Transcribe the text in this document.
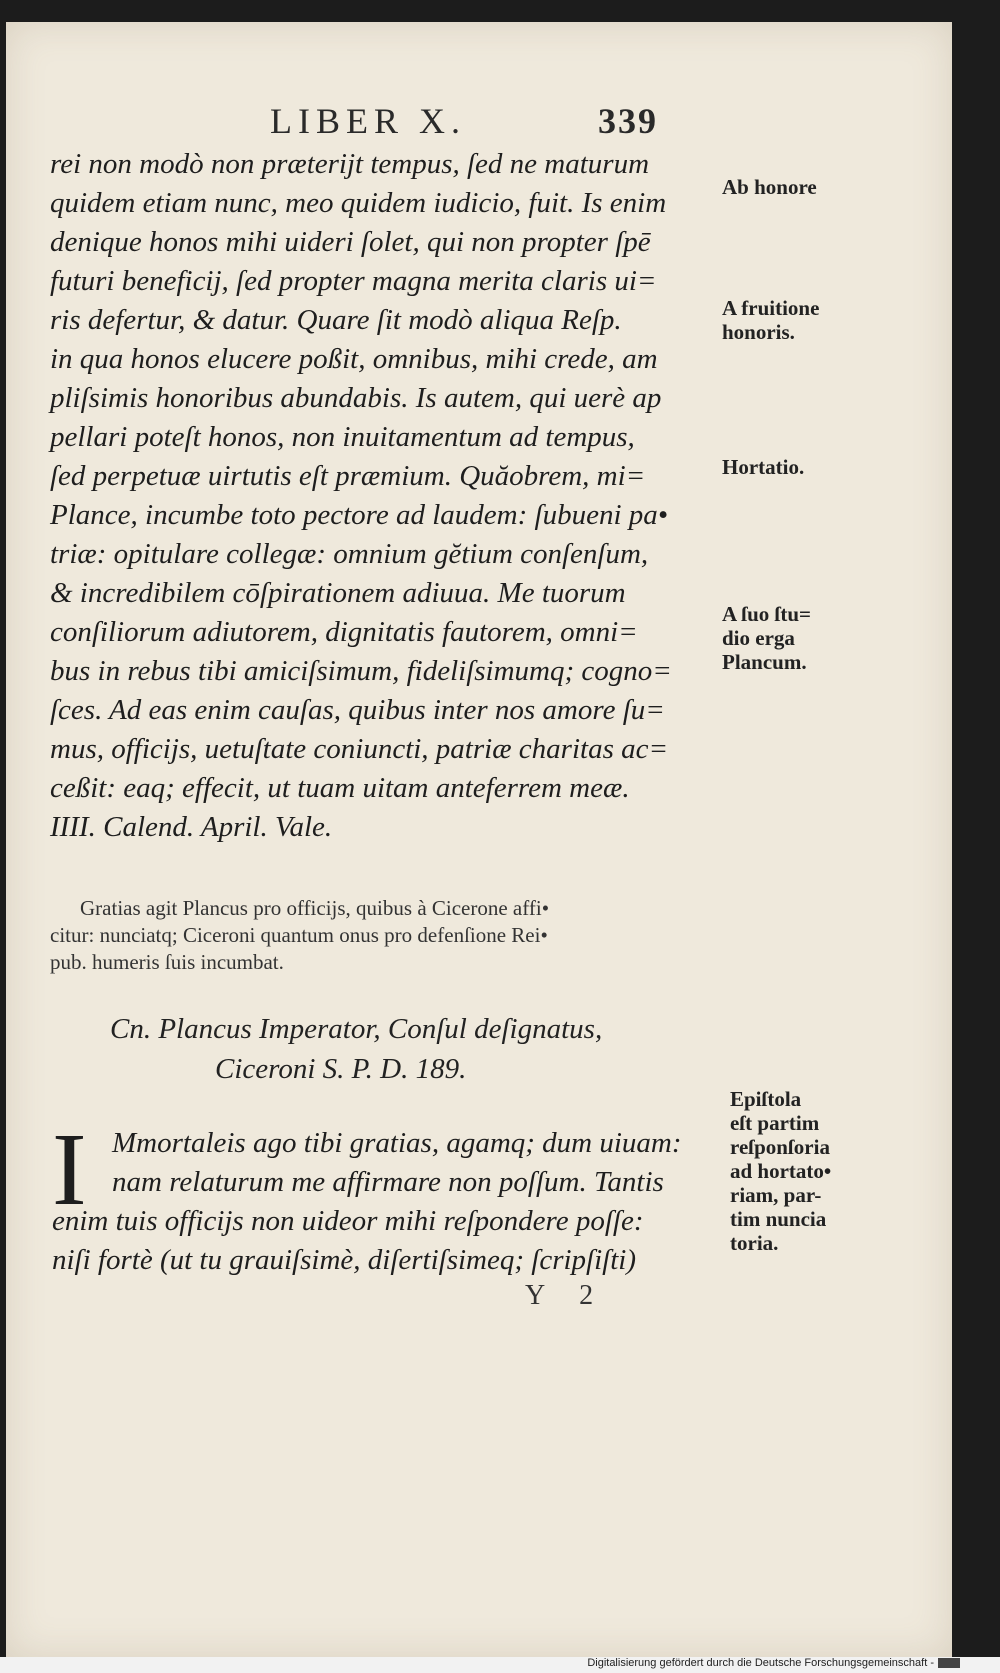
LIBER X.	339
rei non modò non præterijt tempus, ſed ne maturum
quidem etiam nunc, meo quidem iudicio, fuit. Is enim
denique honos mihi uideri ſolet, qui non propter ſpē
futuri beneficij, ſed propter magna merita claris ui=
ris defertur, & datur. Quare ſit modò aliqua Reſp.
in qua honos elucere poßit, omnibus, mihi crede, am
pliſsimis honoribus abundabis. Is autem, qui uerè ap
pellari poteſt honos, non inuitamentum ad tempus,
ſed perpetuæ uirtutis eſt præmium. Quăobrem, mi=
Plance, incumbe toto pectore ad laudem: ſubueni pa•
triæ: opitulare collegæ: omnium gĕtium conſenſum,
& incredibilem cōſpirationem adiuua. Me tuorum
conſiliorum adiutorem, dignitatis fautorem, omni=
bus in rebus tibi amiciſsimum, fideliſsimumq; cogno=
ſces. Ad eas enim cauſas, quibus inter nos amore ſu=
mus, officijs, uetuſtate coniuncti, patriæ charitas ac=
ceßit: eaq; effecit, ut tuam uitam anteferrem meæ.
IIII. Calend. April. Vale.
Ab honore
A fruitione
honoris.
Hortatio.
A ſuo ſtu=
dio erga
Plancum.
Epiſtola
eſt partim
reſponſoria
ad hortato•
riam, par-
tim nuncia
toria.
Gratias agit Plancus pro officijs, quibus à Cicerone affi•
citur: nunciatq; Ciceroni quantum onus pro defenſione Rei•
pub. humeris ſuis incumbat.
Cn. Plancus Imperator, Conſul deſignatus,
Ciceroni S. P. D. 189.
I Mmortaleis ago tibi gratias, agamq; dum uiuam:
nam relaturum me affirmare non poſſum. Tantis
enim tuis officijs non uideor mihi reſpondere poſſe:
niſi fortè (ut tu grauiſsimè, diſertiſsimeq; ſcripſiſti)
Y 2
Digitalisierung gefördert durch die Deutsche Forschungsgemeinschaft -
